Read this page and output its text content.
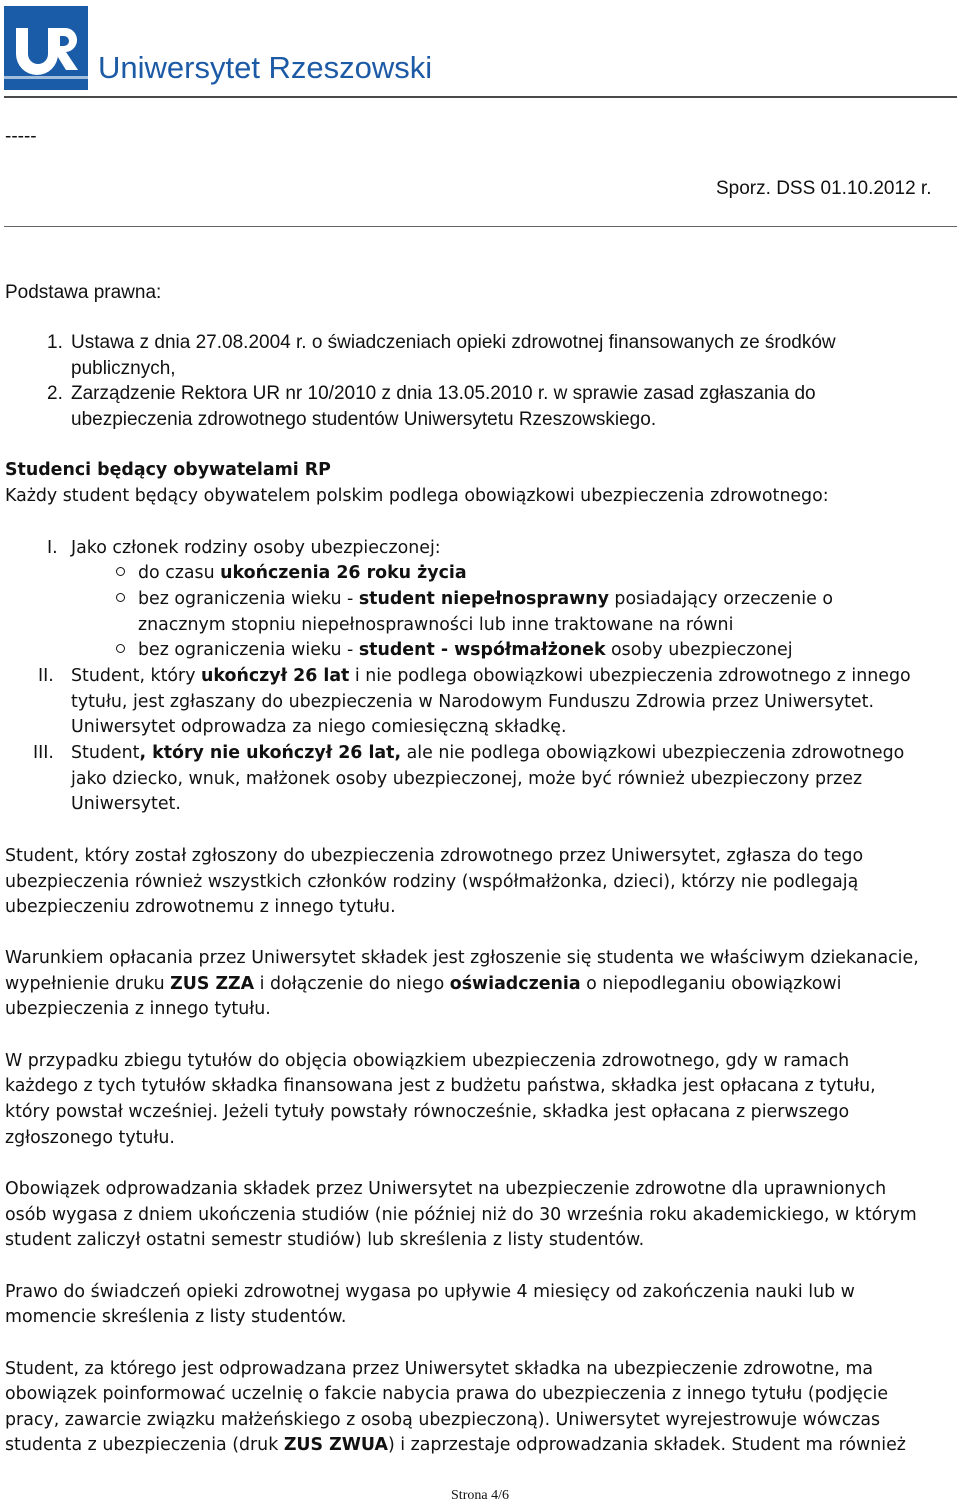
Uniwersytet Rzeszowski
-----
Sporz. DSS 01.10.2012 r.
Podstawa prawna:
1. Ustawa z dnia 27.08.2004 r. o świadczeniach opieki zdrowotnej finansowanych ze środków
publicznych,
2. Zarządzenie Rektora UR nr 10/2010 z dnia 13.05.2010 r. w sprawie zasad zgłaszania do
ubezpieczenia zdrowotnego studentów Uniwersytetu Rzeszowskiego.
Studenci będący obywatelami RP
Każdy student będący obywatelem polskim podlega obowiązkowi ubezpieczenia zdrowotnego:
I. Jako członek rodziny osoby ubezpieczonej:
do czasu ukończenia 26 roku życia
bez ograniczenia wieku - student niepełnosprawny posiadający orzeczenie o
znacznym stopniu niepełnosprawności lub inne traktowane na równi
bez ograniczenia wieku - student - współmałżonek osoby ubezpieczonej
II. Student, który ukończył 26 lat i nie podlega obowiązkowi ubezpieczenia zdrowotnego z innego
tytułu, jest zgłaszany do ubezpieczenia w Narodowym Funduszu Zdrowia przez Uniwersytet.
Uniwersytet odprowadza za niego comiesięczną składkę.
III. Student, który nie ukończył 26 lat, ale nie podlega obowiązkowi ubezpieczenia zdrowotnego
jako dziecko, wnuk, małżonek osoby ubezpieczonej, może być również ubezpieczony przez
Uniwersytet.
Student, który został zgłoszony do ubezpieczenia zdrowotnego przez Uniwersytet, zgłasza do tego
ubezpieczenia również wszystkich członków rodziny (współmałżonka, dzieci), którzy nie podlegają
ubezpieczeniu zdrowotnemu z innego tytułu.
Warunkiem opłacania przez Uniwersytet składek jest zgłoszenie się studenta we właściwym dziekanacie,
wypełnienie druku ZUS ZZA i dołączenie do niego oświadczenia o niepodleganiu obowiązkowi
ubezpieczenia z innego tytułu.
W przypadku zbiegu tytułów do objęcia obowiązkiem ubezpieczenia zdrowotnego, gdy w ramach
każdego z tych tytułów składka finansowana jest z budżetu państwa, składka jest opłacana z tytułu,
który powstał wcześniej. Jeżeli tytuły powstały równocześnie, składka jest opłacana z pierwszego
zgłoszonego tytułu.
Obowiązek odprowadzania składek przez Uniwersytet na ubezpieczenie zdrowotne dla uprawnionych
osób wygasa z dniem ukończenia studiów (nie później niż do 30 września roku akademickiego, w którym
student zaliczył ostatni semestr studiów) lub skreślenia z listy studentów.
Prawo do świadczeń opieki zdrowotnej wygasa po upływie 4 miesięcy od zakończenia nauki lub w
momencie skreślenia z listy studentów.
Student, za którego jest odprowadzana przez Uniwersytet składka na ubezpieczenie zdrowotne, ma
obowiązek poinformować uczelnię o fakcie nabycia prawa do ubezpieczenia z innego tytułu (podjęcie
pracy, zawarcie związku małżeńskiego z osobą ubezpieczoną). Uniwersytet wyrejestrowuje wówczas
studenta z ubezpieczenia (druk ZUS ZWUA) i zaprzestaje odprowadzania składek. Student ma również
Strona 4/6
